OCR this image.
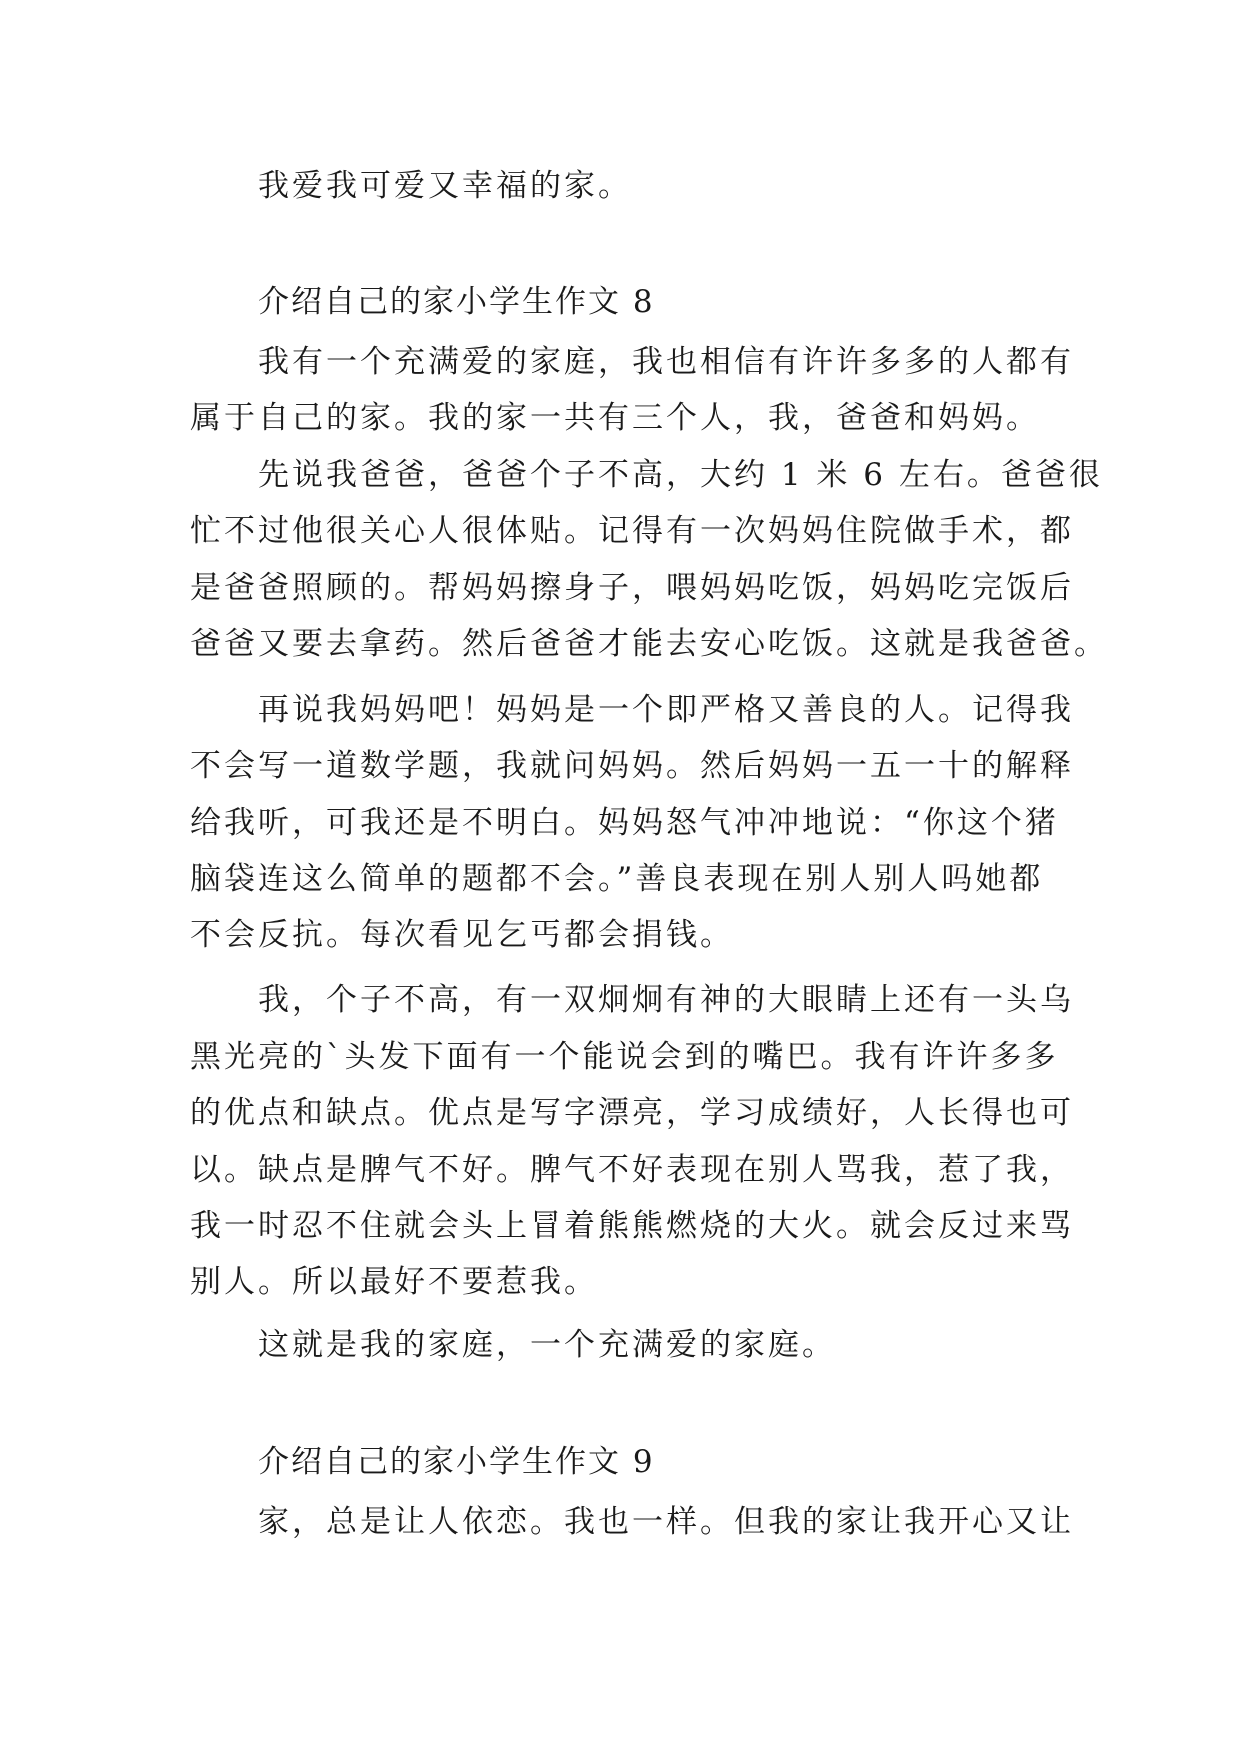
我爱我可爱又幸福的家。
介绍自己的家小学生作文 8
我有一个充满爱的家庭，我也相信有许许多多的人都有
属于自己的家。我的家一共有三个人，我，爸爸和妈妈。
先说我爸爸，爸爸个子不高，大约 1 米 6 左右。爸爸很
忙不过他很关心人很体贴。记得有一次妈妈住院做手术，都
是爸爸照顾的。帮妈妈擦身子，喂妈妈吃饭，妈妈吃完饭后
爸爸又要去拿药。然后爸爸才能去安心吃饭。这就是我爸爸。
再说我妈妈吧！妈妈是一个即严格又善良的人。记得我
不会写一道数学题，我就问妈妈。然后妈妈一五一十的解释
给我听，可我还是不明白。妈妈怒气冲冲地说：“你这个猪
脑袋连这么简单的题都不会。”善良表现在别人别人吗她都
不会反抗。每次看见乞丐都会捐钱。
我，个子不高，有一双炯炯有神的大眼睛上还有一头乌
黑光亮的`头发下面有一个能说会到的嘴巴。我有许许多多
的优点和缺点。优点是写字漂亮，学习成绩好，人长得也可
以。缺点是脾气不好。脾气不好表现在别人骂我，惹了我，
我一时忍不住就会头上冒着熊熊燃烧的大火。就会反过来骂
别人。所以最好不要惹我。
这就是我的家庭，一个充满爱的家庭。
介绍自己的家小学生作文 9
家，总是让人依恋。我也一样。但我的家让我开心又让
